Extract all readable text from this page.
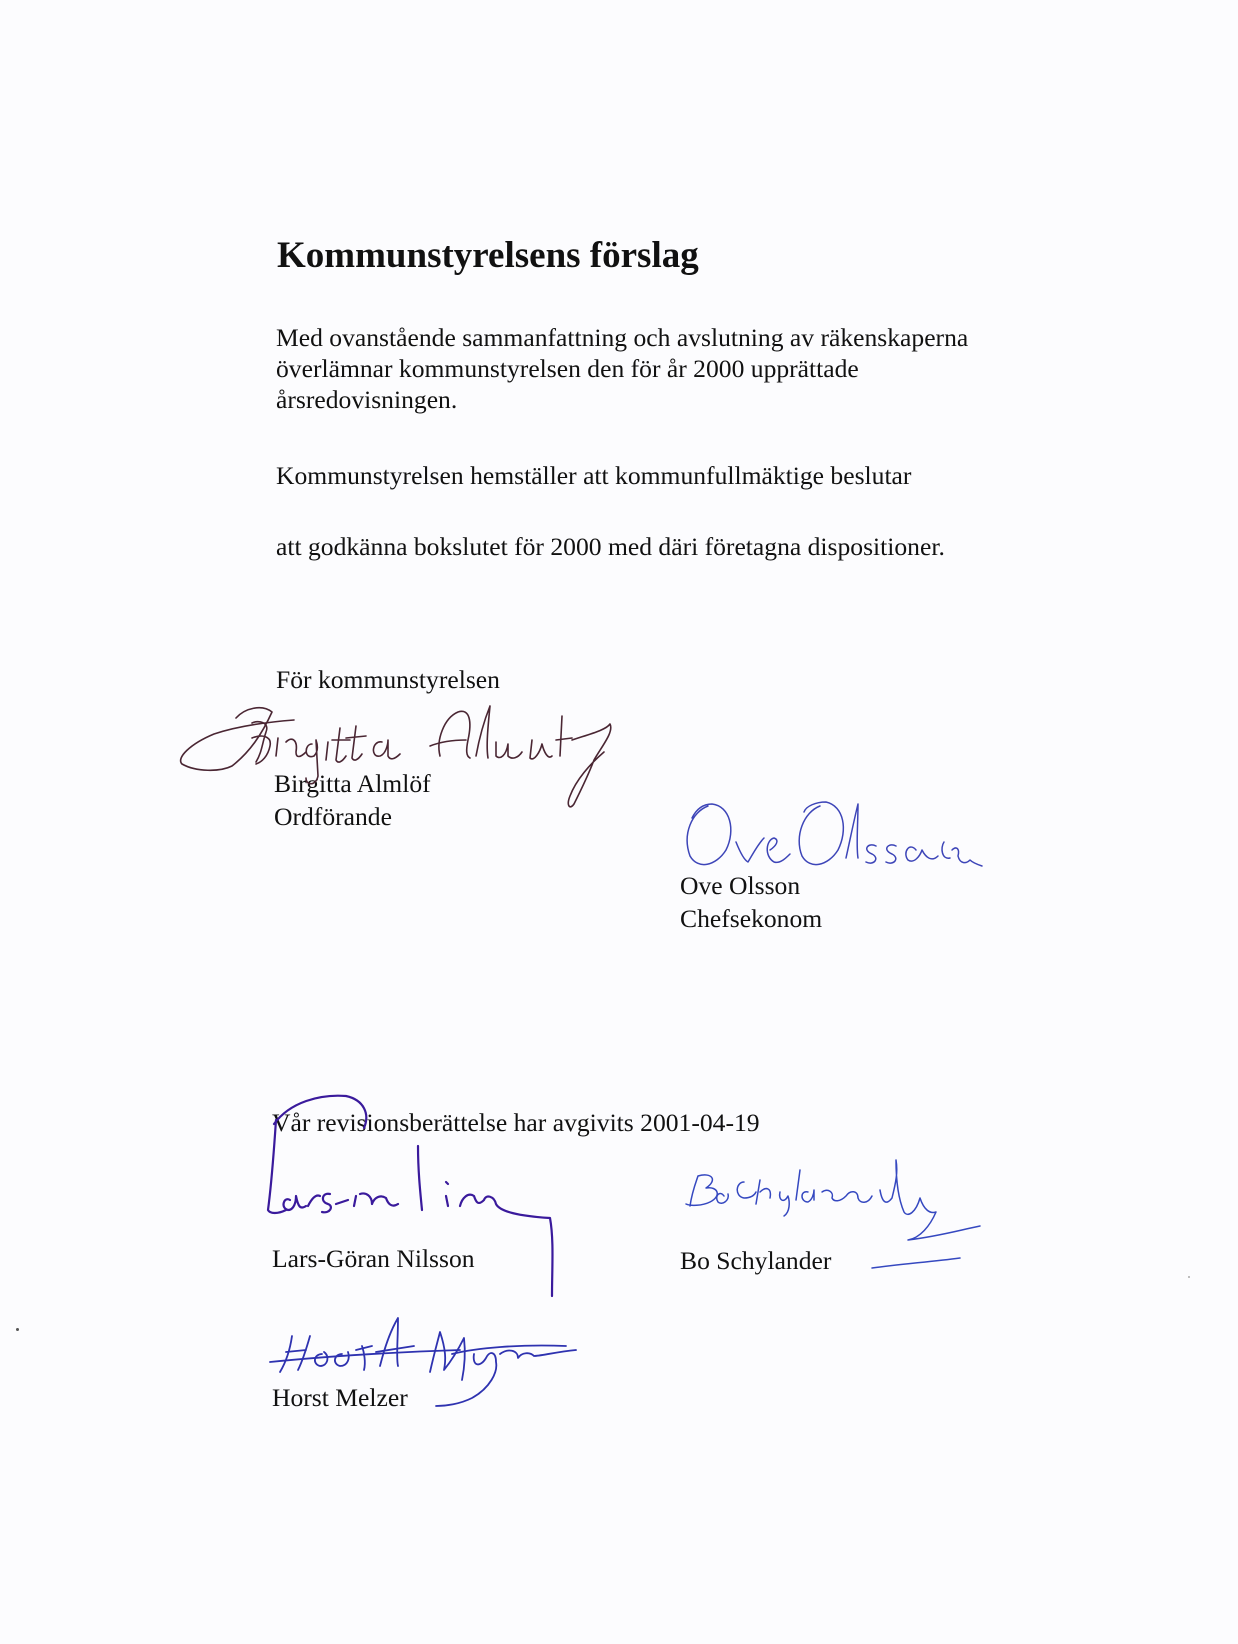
Kommunstyrelsens förslag

Med ovanstående sammanfattning och avslutning av räkenskaperna
överlämnar kommunstyrelsen den för år 2000 upprättade
årsredovisningen.

Kommunstyrelsen hemställer att kommunfullmäktige beslutar

att godkänna bokslutet för 2000 med däri företagna dispositioner.

För kommunstyrelsen

Birgitta Almlöf
Ordförande
Ove Olsson
Chefsekonom

Vår revisionsberättelse har avgivits 2001-04-19

Lars-Göran Nilsson	Bo Schylander
Horst Melzer
